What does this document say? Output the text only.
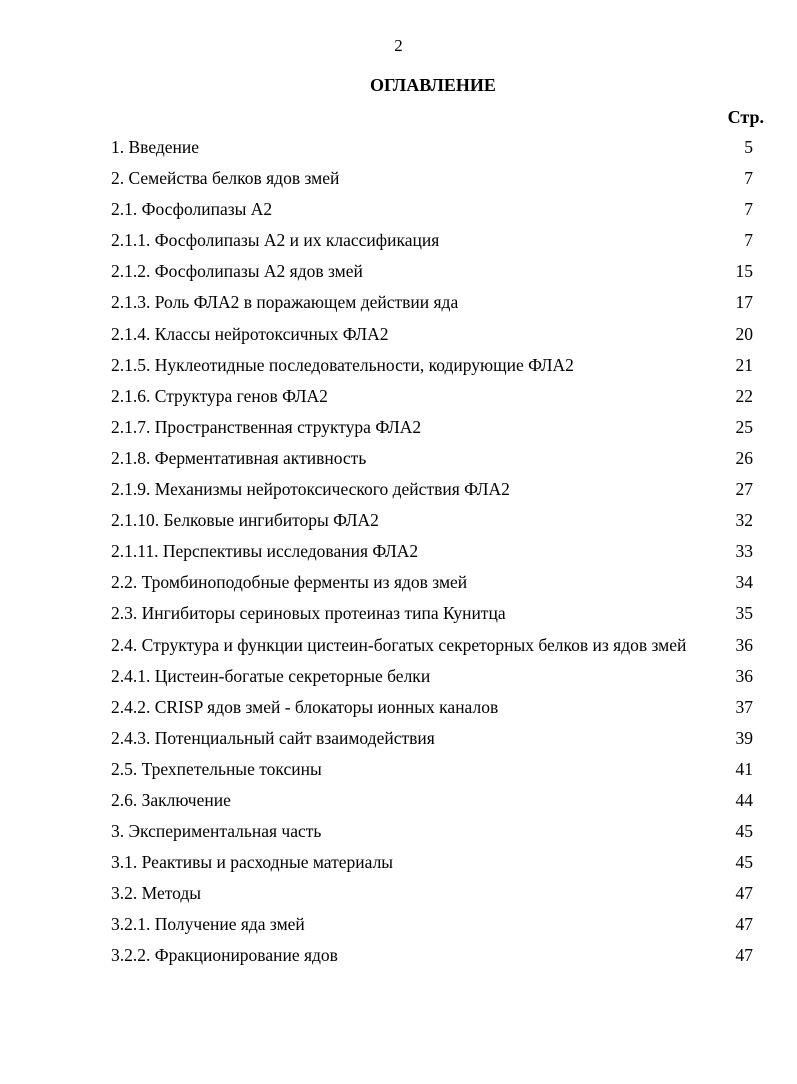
2
ОГЛАВЛЕНИЕ
Стр.
1. Введение	5
2. Семейства белков ядов змей	7
2.1. Фосфолипазы А2	7
2.1.1. Фосфолипазы А2 и их классификация	7
2.1.2. Фосфолипазы А2 ядов змей	15
2.1.3. Роль ФЛА2 в поражающем действии яда	17
2.1.4. Классы нейротоксичных ФЛА2	20
2.1.5. Нуклеотидные последовательности, кодирующие ФЛА2	21
2.1.6. Структура генов ФЛА2	22
2.1.7. Пространственная структура ФЛА2	25
2.1.8. Ферментативная активность	26
2.1.9. Механизмы нейротоксического действия ФЛА2	27
2.1.10. Белковые ингибиторы ФЛА2	32
2.1.11. Перспективы исследования ФЛА2	33
2.2. Тромбиноподобные ферменты из ядов змей	34
2.3. Ингибиторы сериновых протеиназ типа Кунитца	35
2.4. Структура и функции цистеин-богатых секреторных белков из ядов змей	36
2.4.1. Цистеин-богатые секреторные белки	36
2.4.2. CRISP ядов змей - блокаторы ионных каналов	37
2.4.3. Потенциальный сайт взаимодействия	39
2.5. Трехпетельные токсины	41
2.6. Заключение	44
3. Экспериментальная часть	45
3.1. Реактивы и расходные материалы	45
3.2. Методы	47
3.2.1. Получение яда змей	47
3.2.2. Фракционирование ядов	47
